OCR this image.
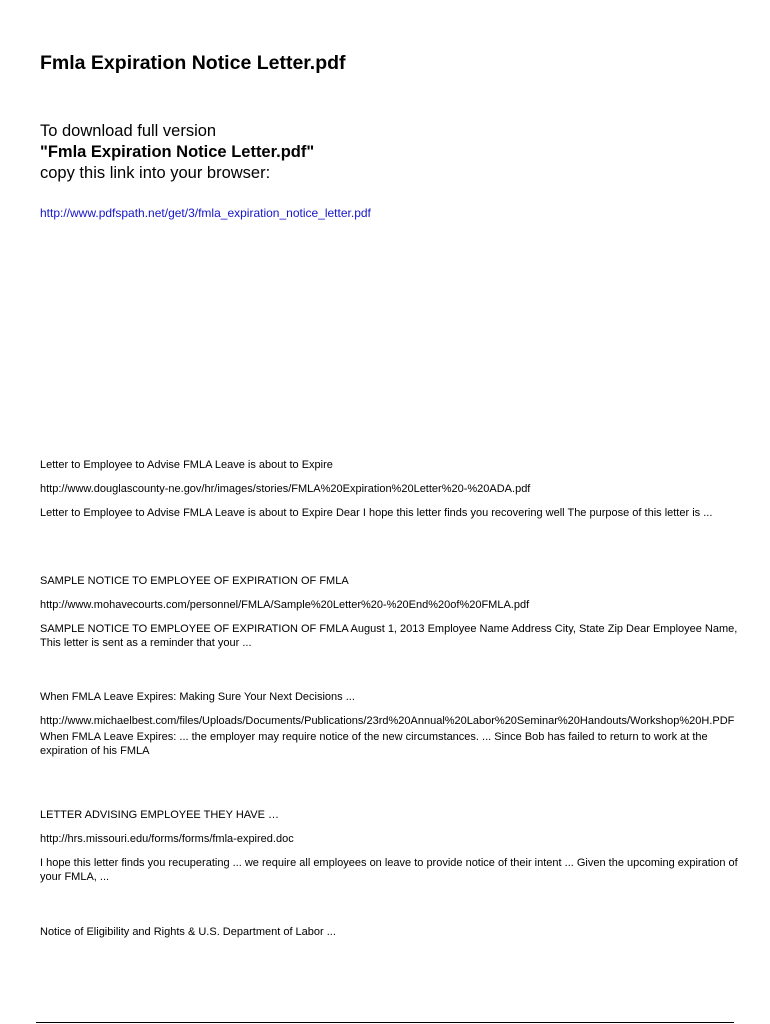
Fmla Expiration Notice Letter.pdf
To download full version
"Fmla Expiration Notice Letter.pdf"
copy this link into your browser:
http://www.pdfspath.net/get/3/fmla_expiration_notice_letter.pdf
Letter to Employee to Advise FMLA Leave is about to Expire
http://www.douglascounty-ne.gov/hr/images/stories/FMLA%20Expiration%20Letter%20-%20ADA.pdf
Letter to Employee to Advise FMLA Leave is about to Expire Dear I hope this letter finds you recovering well The purpose of this letter is ...
SAMPLE NOTICE TO EMPLOYEE OF EXPIRATION OF FMLA
http://www.mohavecourts.com/personnel/FMLA/Sample%20Letter%20-%20End%20of%20FMLA.pdf
SAMPLE NOTICE TO EMPLOYEE OF EXPIRATION OF FMLA August 1, 2013 Employee Name Address City, State Zip Dear Employee Name, This letter is sent as a reminder that your ...
When FMLA Leave Expires: Making Sure Your Next Decisions ...
http://www.michaelbest.com/files/Uploads/Documents/Publications/23rd%20Annual%20Labor%20Seminar%20Handouts/Workshop%20H.PDF
When FMLA Leave Expires: ... the employer may require notice of the new circumstances. ... Since Bob has failed to return to work at the expiration of his FMLA
LETTER ADVISING EMPLOYEE THEY HAVE …
http://hrs.missouri.edu/forms/forms/fmla-expired.doc
I hope this letter finds you recuperating ... we require all employees on leave to provide notice of their intent ... Given the upcoming expiration of your FMLA, ...
Notice of Eligibility and Rights & U.S. Department of Labor ...
